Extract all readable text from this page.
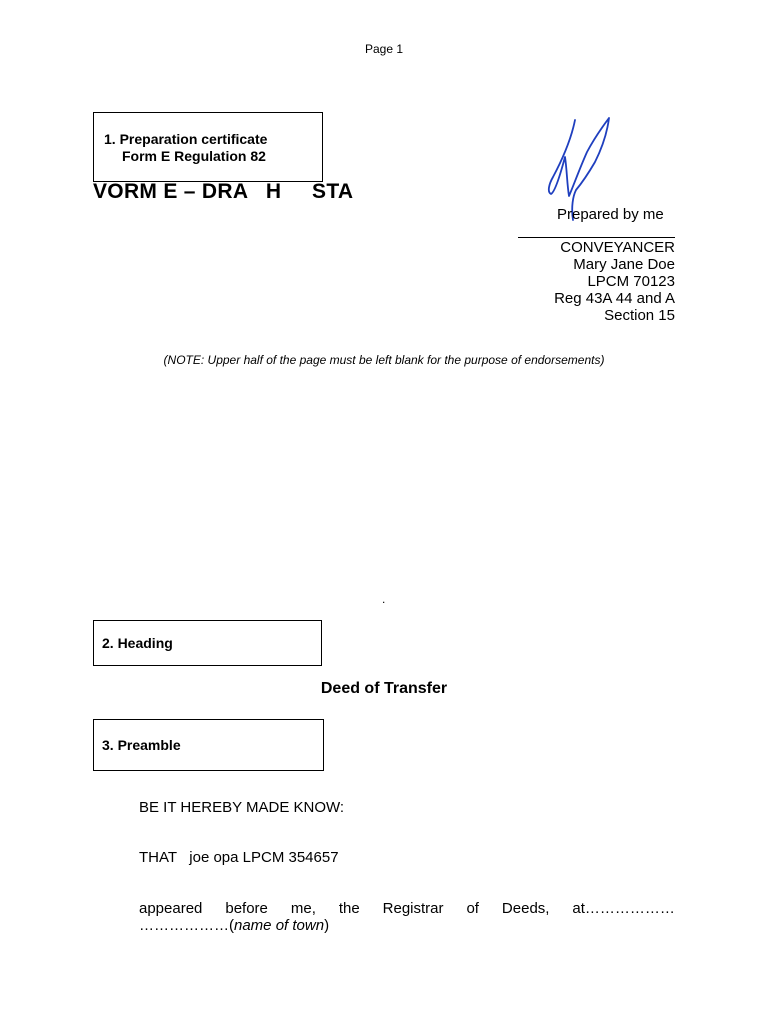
Page 1
1. Preparation certificate
Form E Regulation 82
VORM E – DRA   H     STA
Prepared by me
CONVEYANCER
Mary Jane Doe
LPCM 70123
Reg 43A 44 and A
Section 15
(NOTE: Upper half of the page must be left blank for the purpose of endorsements)
.
2. Heading
Deed of Transfer
3. Preamble
BE IT HEREBY MADE KNOW:
THAT   joe opa LPCM 354657
appeared before me, the Registrar of Deeds, at………………
………………(name of town)
